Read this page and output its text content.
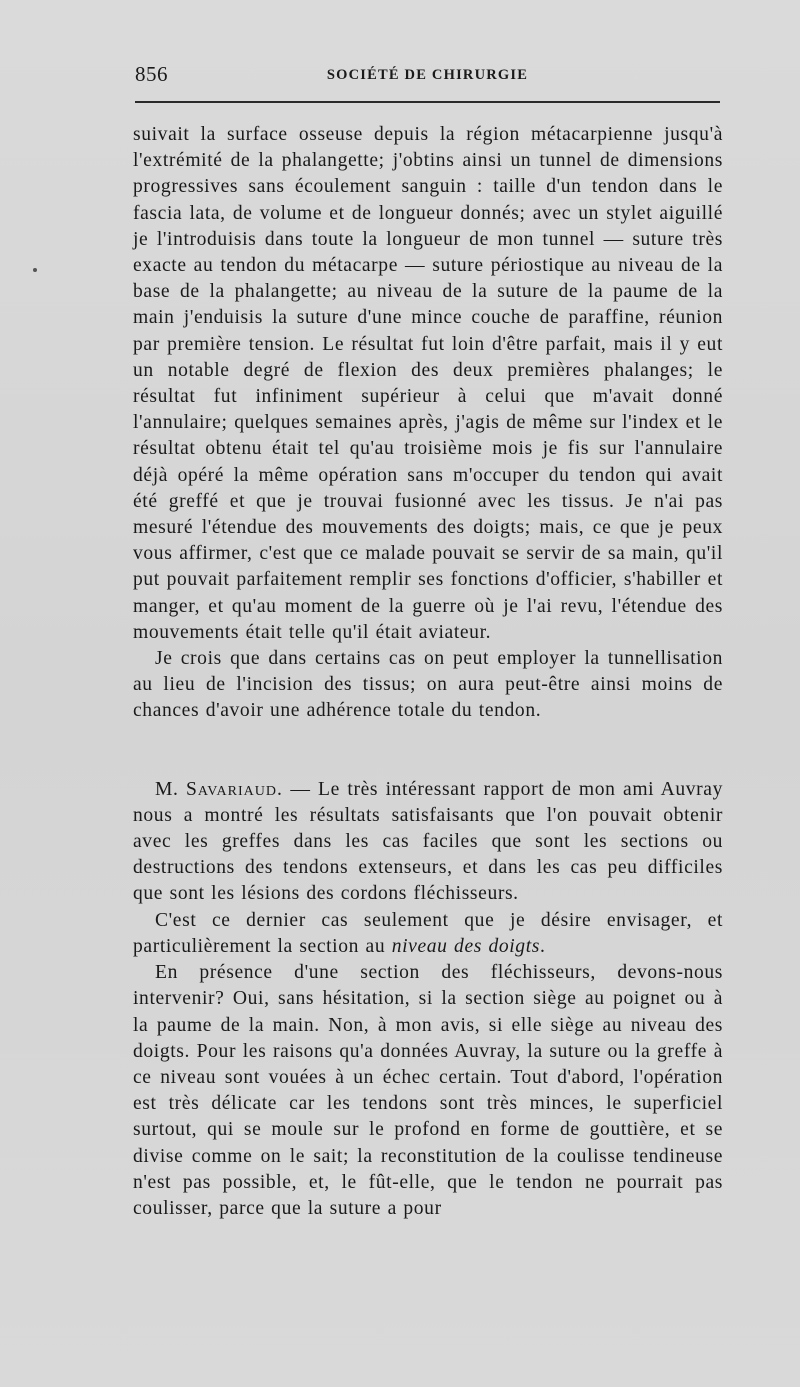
856	SOCIÉTÉ DE CHIRURGIE

suivait la surface osseuse depuis la région métacarpienne jusqu'à l'extrémité de la phalangette; j'obtins ainsi un tunnel de dimensions progressives sans écoulement sanguin : taille d'un tendon dans le fascia lata, de volume et de longueur donnés; avec un stylet aiguillé je l'introduisis dans toute la longueur de mon tunnel — suture très exacte au tendon du métacarpe — suture périostique au niveau de la base de la phalangette; au niveau de la suture de la paume de la main j'enduisis la suture d'une mince couche de paraffine, réunion par première tension. Le résultat fut loin d'être parfait, mais il y eut un notable degré de flexion des deux premières phalanges; le résultat fut infiniment supérieur à celui que m'avait donné l'annulaire; quelques semaines après, j'agis de même sur l'index et le résultat obtenu était tel qu'au troisième mois je fis sur l'annulaire déjà opéré la même opération sans m'occuper du tendon qui avait été greffé et que je trouvai fusionné avec les tissus. Je n'ai pas mesuré l'étendue des mouvements des doigts; mais, ce que je peux vous affirmer, c'est que ce malade pouvait se servir de sa main, qu'il put pouvait parfaitement remplir ses fonctions d'officier, s'habiller et manger, et qu'au moment de la guerre où je l'ai revu, l'étendue des mouvements était telle qu'il était aviateur.

Je crois que dans certains cas on peut employer la tunnellisation au lieu de l'incision des tissus; on aura peut-être ainsi moins de chances d'avoir une adhérence totale du tendon.

M. Savariaud. — Le très intéressant rapport de mon ami Auvray nous a montré les résultats satisfaisants que l'on pouvait obtenir avec les greffes dans les cas faciles que sont les sections ou destructions des tendons extenseurs, et dans les cas peu difficiles que sont les lésions des cordons fléchisseurs.

C'est ce dernier cas seulement que je désire envisager, et particulièrement la section au niveau des doigts.

En présence d'une section des fléchisseurs, devons-nous intervenir? Oui, sans hésitation, si la section siège au poignet ou à la paume de la main. Non, à mon avis, si elle siège au niveau des doigts. Pour les raisons qu'a données Auvray, la suture ou la greffe à ce niveau sont vouées à un échec certain. Tout d'abord, l'opération est très délicate car les tendons sont très minces, le superficiel surtout, qui se moule sur le profond en forme de gouttière, et se divise comme on le sait; la reconstitution de la coulisse tendineuse n'est pas possible, et, le fût-elle, que le tendon ne pourrait pas coulisser, parce que la suture a pour
